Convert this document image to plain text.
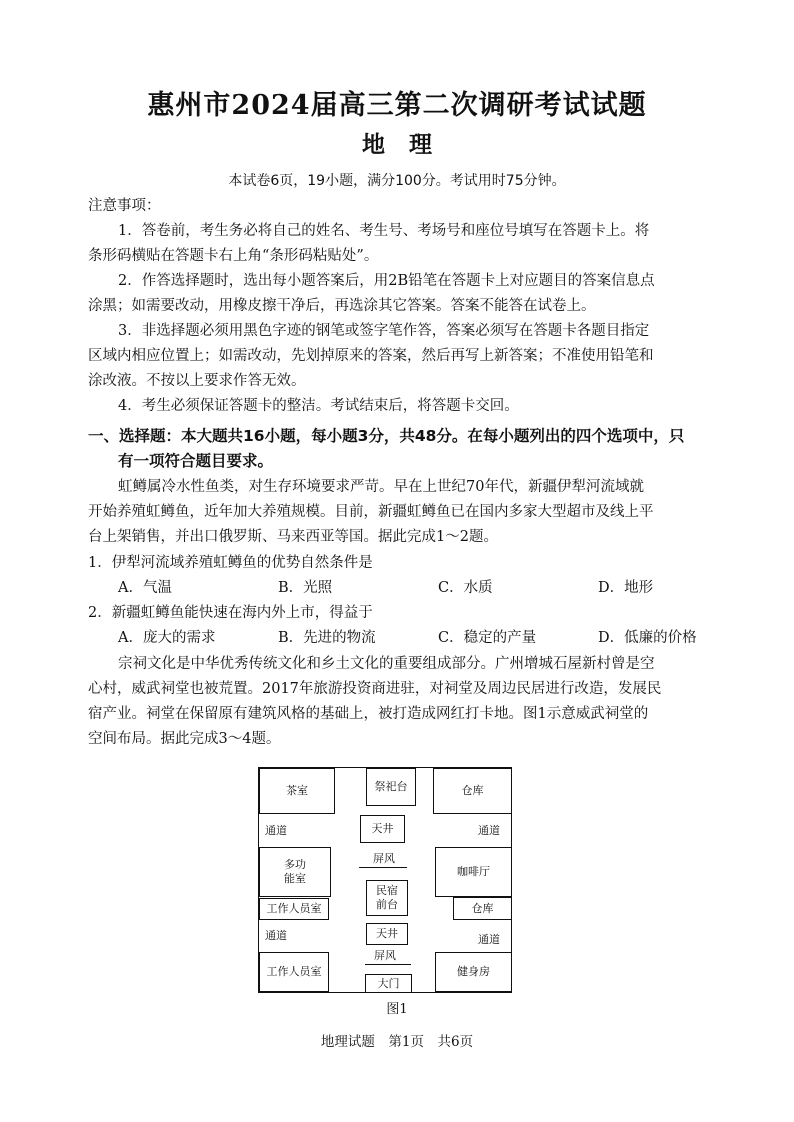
惠州市2024届高三第二次调研考试试题
地理
本试卷6页，19小题，满分100分。考试用时75分钟。
注意事项：
1．答卷前，考生务必将自己的姓名、考生号、考场号和座位号填写在答题卡上。将
条形码横贴在答题卡右上角“条形码粘贴处”。
2．作答选择题时，选出每小题答案后，用2B铅笔在答题卡上对应题目的答案信息点
涂黑；如需要改动，用橡皮擦干净后，再选涂其它答案。答案不能答在试卷上。
3．非选择题必须用黑色字迹的钢笔或签字笔作答，答案必须写在答题卡各题目指定
区域内相应位置上；如需改动，先划掉原来的答案，然后再写上新答案；不准使用铅笔和
涂改液。不按以上要求作答无效。
4．考生必须保证答题卡的整洁。考试结束后，将答题卡交回。
一、选择题：本大题共16小题，每小题3分，共48分。在每小题列出的四个选项中，只
有一项符合题目要求。
虹鳟属冷水性鱼类，对生存环境要求严苛。早在上世纪70年代，新疆伊犁河流域就
开始养殖虹鳟鱼，近年加大养殖规模。目前，新疆虹鳟鱼已在国内多家大型超市及线上平
台上架销售，并出口俄罗斯、马来西亚等国。据此完成1～2题。
1．伊犁河流域养殖虹鳟鱼的优势自然条件是
A．气温	B．光照	C．水质	D．地形
2．新疆虹鳟鱼能快速在海内外上市，得益于
A．庞大的需求	B．先进的物流	C．稳定的产量	D．低廉的价格
宗祠文化是中华优秀传统文化和乡土文化的重要组成部分。广州增城石屋新村曾是空
心村，威武祠堂也被荒置。2017年旅游投资商进驻，对祠堂及周边民居进行改造，发展民
宿产业。祠堂在保留原有建筑风格的基础上，被打造成网红打卡地。图1示意威武祠堂的
空间布局。据此完成3～4题。
茶室	祭祀台	仓库
通道	天井	通道
屏风
多功
能室
咖啡厅
民宿
前台
工作人员室	仓库
通道	天井	通道
屏风
工作人员室	健身房
大门
图1
地理试题　第1页　共6页
